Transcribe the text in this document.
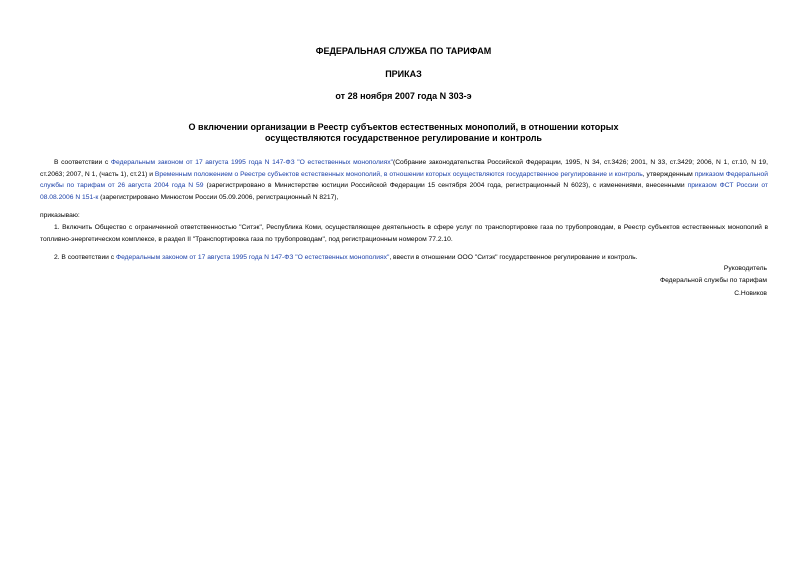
ФЕДЕРАЛЬНАЯ СЛУЖБА ПО ТАРИФАМ
ПРИКАЗ
от 28 ноября 2007 года N 303-э
О включении организации в Реестр субъектов естественных монополий, в отношении которых
осуществляются государственное регулирование и контроль
В соответствии с Федеральным законом от 17 августа 1995 года N 147-ФЗ "О естественных монополиях"(Собрание законодательства Российской Федерации, 1995, N 34, ст.3426; 2001, N 33, ст.3429; 2006, N 1, ст.10, N 19, ст.2063; 2007, N 1, (часть 1), ст.21) и Временным положением о Реестре субъектов естественных монополий, в отношении которых осуществляются государственное регулирование и контроль, утвержденным приказом Федеральной службы по тарифам от 26 августа 2004 года N 59 (зарегистрировано в Министерстве юстиции Российской Федерации 15 сентября 2004 года, регистрационный N 6023), с изменениями, внесенными приказом ФСТ России от 08.08.2006 N 151-к (зарегистрировано Минюстом России 05.09.2006, регистрационный N 8217),
приказываю:
1. Включить Общество с ограниченной ответственностью "Ситэк", Республика Коми, осуществляющее деятельность в сфере услуг по транспортировке газа по трубопроводам, в Реестр субъектов естественных монополий в топливно-энергетическом комплексе, в раздел II "Транспортировка газа по трубопроводам", под регистрационным номером 77.2.10.
2. В соответствии с Федеральным законом от 17 августа 1995 года N 147-ФЗ "О естественных монополиях", ввести в отношении ООО "Ситэк" государственное регулирование и контроль.
Руководитель
Федеральной службы по тарифам
С.Новиков
